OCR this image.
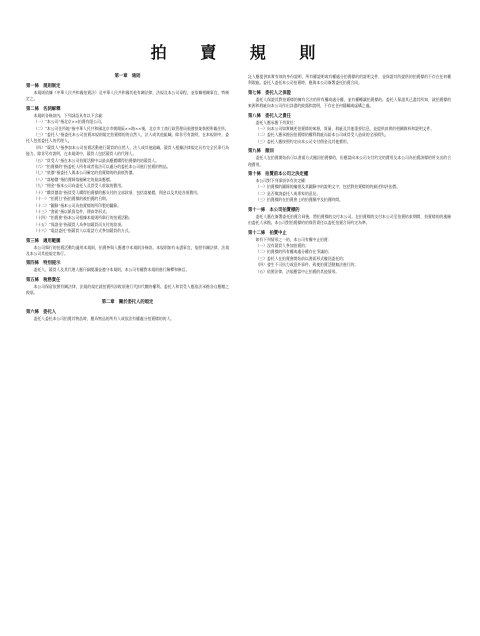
拍 賣 規 則

第一章　通則

第一條　規則制定

本規則依據《中華人民共和國拍賣法》及中華人民共和國其他有關法律，法規及本公司章程，並依據相關事宜，特制定之。

第二條　名詞解釋

本規則各條款內，下列詞語具有以下含義：

（一）“本公司”指北京××拍賣有限公司。

（二）“本公司住所地”指中華人民共和國北京市朝陽區××路××號，北京市工商行政管理局頒發營業執照所載住所。

（三）“委托人”指委托本公司拍賣本規則規定拍賣標的的自然人，法人或其他組織。除非另有說明，在本規則中，委托人包括委托人的代理人。

（四）“競買人”指參加本公司拍賣活動進行競買的自然人，法人或其他組織，競買人根據法律規定具有完全民事行為能力。除非另有說明，在本規則中，競買人包括競買人的代理人。

（五）“買受人”指在本公司拍賣活動中以最高應價購得拍賣標的的競買人。

（六）“拍賣標的”指委托人所有或者依法可以處分的委托本公司進行拍賣的物品。

（七）“底價”指委托人與本公司確定的拍賣標的的最低售價。

（八）“落槌價”指拍賣師落槌確定的最高應價。

（九）“佣金”指本公司向委托人及買受人收取的費用。

（十）“購買價款”指買受人購得拍賣標的應支付的全部款項，包括落槌價，佣金以及其他各項費用。

（十一）“拍賣日”指拍賣標的被拍賣的日期。

（十二）“圖錄”指本公司為拍賣標的所印製的圖錄。

（十三）“書面”指以紙質信件，傳真等形式。

（十四）“拍賣會”指本公司根據本規則所舉行的拍賣活動。

（十五）“保證金”指競買人為參加競買而支付的款項。

（十六）“電話委托”指競買人以電話方式參加競買的方式。

第三條　適用範圍

本公司舉行的拍賣活動均適用本規則，拍賣參與人應遵守本規則各條款。本規則如有未盡事宜，依照有關法律，法規及本公司其他規定執行。

第四條　特別提示

委托人，競買人及其代理人應仔細閱讀並遵守本規則。本公司有權對本規則進行解釋和修訂。

第五條　稅務責任

本公司保留依照有關法律，法規的規定就拍賣所涉稅項進行代扣代繳的權利。委托人和買受人應依法承擔各自應繳之稅項。

第二章　關於委托人的規定

第六條　委托人

委托人委托本公司拍賣其物品時，應為物品的所有人或依法有權處分拍賣標的的人。

託人應提供真實有效的身份證明，所有權證明或有權處分拍賣標的的證明文件，並保證其所提供的拍賣標的不存在任何權利瑕疵。委托人委托本公司拍賣時，應與本公司簽署委托拍賣合同。

第七條　委托人之保證

委托人保證其對拍賣標的擁有合法的所有權或處分權，並有權轉讓拍賣標的。委托人保證其已盡其所知，就拍賣標的來源和瑕疵向本公司作出詳盡的披露和說明，不存在任何隱瞞或虛構之處。

第八條　委托人之責任

委托人應承擔下列責任：

（一）向本公司如實陳述拍賣標的來源，質量，瑕疵及其他重要信息，並提供真實的相關資料和證明文件。

（二）委托人應承擔因拍賣標的權利瑕疵而給本公司或買受人造成的全部損失。

（三）委托人應按照約定向本公司支付佣金及其他費用。

第九條　撤回

委托人在拍賣開始前可以書面方式撤回拍賣標的，但應當向本公司支付約定的費用及本公司為拍賣該標的所支出的合理費用。

第十條　拍賣前本公司之決定權

本公司對下列事項享有決定權：

（一）拍賣標的圖錄的編排及其圖錄中的說明文字，包括對拍賣標的的描述和評估價。

（二）是否徵詢委托人或專家的意見。

（三）拍賣標的在拍賣會上的拍賣順序及拍賣時間。

第十一條　本公司拍賣標的

委托人應在簽署委托拍賣合同後，將拍賣標的交付本公司。在拍賣標的交付本公司至拍賣結束期間，拍賣標的的風險由委托人承擔。本公司對拍賣標的的保管責任以委托拍賣合同約定為準。

第十二條　拍賣中止

如有下列情形之一的，本公司有權中止拍賣：

（一）沒有競買人參加拍賣的；

（二）拍賣標的所有權或處分權存在爭議的；

（三）委托人在拍賣會開始前以書面形式撤回委托的；

（四）發生不可抗力或意外事件，致使拍賣活動無法進行的；

（五）依照法律，法規應當中止拍賣的其他情形。
